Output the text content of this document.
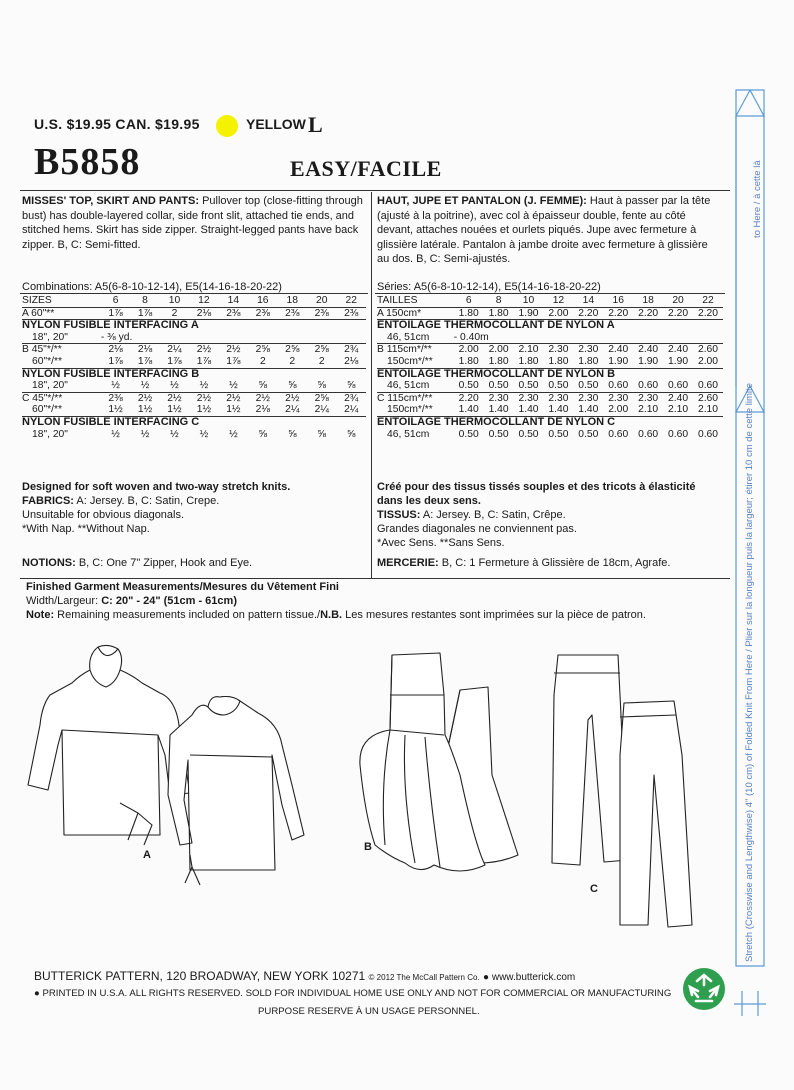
U.S. $19.95 CAN. $19.95	YELLOW L
B5858	EASY/FACILE
MISSES' TOP, SKIRT AND PANTS: Pullover top (close-fitting through bust) has double-layered collar, side front slit, attached tie ends, and stitched hems. Skirt has side zipper. Straight-legged pants have back zipper. B, C: Semi-fitted.
Combinations: A5(6-8-10-12-14), E5(14-16-18-20-22)
SIZES	6	8	10	12	14	16	18	20	22
A 60"**	1⅞	1⅞	2	2⅛	2⅜	2⅜	2⅜	2⅜	2⅜
NYLON FUSIBLE INTERFACING A									
18", 20"	- ⅜ yd.								
B 45"*/**	2⅛	2⅛	2¼	2½	2½	2⅝	2⅝	2⅝	2¾
60"*/**	1⅞	1⅞	1⅞	1⅞	1⅞	2	2	2	2⅛
NYLON FUSIBLE INTERFACING B									
18", 20"	½	½	½	½	½	⅝	⅝	⅝	⅝
C 45"*/**	2⅜	2½	2½	2½	2½	2½	2½	2⅝	2¾
60"*/**	1½	1½	1½	1½	1½	2⅛	2¼	2¼	2¼
NYLON FUSIBLE INTERFACING C									
18", 20"	½	½	½	½	½	⅝	⅝	⅝	⅝
Designed for soft woven and two-way stretch knits.
FABRICS: A: Jersey. B, C: Satin, Crepe.
Unsuitable for obvious diagonals.
*With Nap. **Without Nap.
NOTIONS: B, C: One 7" Zipper, Hook and Eye.
HAUT, JUPE ET PANTALON (J. FEMME): Haut à passer par la tête (ajusté à la poitrine), avec col à épaisseur double, fente au côté devant, attaches nouées et ourlets piqués. Jupe avec fermeture à glissière latérale. Pantalon à jambe droite avec fermeture à glissière au dos. B, C: Semi-ajustés.
Séries: A5(6-8-10-12-14), E5(14-16-18-20-22)
TAILLES	6	8	10	12	14	16	18	20	22
A 150cm*	1.80	1.80	1.90	2.00	2.20	2.20	2.20	2.20	2.20
ENTOILAGE THERMOCOLLANT DE NYLON A									
46, 51cm	- 0.40m								
B 115cm*/**	2.00	2.00	2.10	2.30	2.30	2.40	2.40	2.40	2.60
150cm*/**	1.80	1.80	1.80	1.80	1.80	1.90	1.90	1.90	2.00
ENTOILAGE THERMOCOLLANT DE NYLON B									
46, 51cm	0.50	0.50	0.50	0.50	0.50	0.60	0.60	0.60	0.60
C 115cm*/**	2.20	2.30	2.30	2.30	2.30	2.30	2.30	2.40	2.60
150cm*/**	1.40	1.40	1.40	1.40	1.40	2.00	2.10	2.10	2.10
ENTOILAGE THERMOCOLLANT DE NYLON C									
46, 51cm	0.50	0.50	0.50	0.50	0.50	0.60	0.60	0.60	0.60
Créé pour des tissus tissés souples et des tricots à élasticité dans les deux sens.
TISSUS: A: Jersey. B, C: Satin, Crêpe.
Grandes diagonales ne conviennent pas.
*Avec Sens. **Sans Sens.
MERCERIE: B, C: 1 Fermeture à Glissière de 18cm, Agrafe.
Finished Garment Measurements/Mesures du Vêtement Fini
Width/Largeur: C: 20" - 24" (51cm - 61cm)
Note: Remaining measurements included on pattern tissue./N.B. Les mesures restantes sont imprimées sur la pièce de patron.
A
B
C
to Here / à cette là
Stretch (Crosswise and Lengthwise) 4" (10 cm) of Folded Knit From Here / Plier sur la longueur puis la largeur; étirer 10 cm de cette limite
BUTTERICK PATTERN, 120 BROADWAY, NEW YORK 10271 © 2012 The McCall Pattern Co. ● www.butterick.com
● PRINTED IN U.S.A. ALL RIGHTS RESERVED. SOLD FOR INDIVIDUAL HOME USE ONLY AND NOT FOR COMMERCIAL OR MANUFACTURING
PURPOSE RESERVE À UN USAGE PERSONNEL.
